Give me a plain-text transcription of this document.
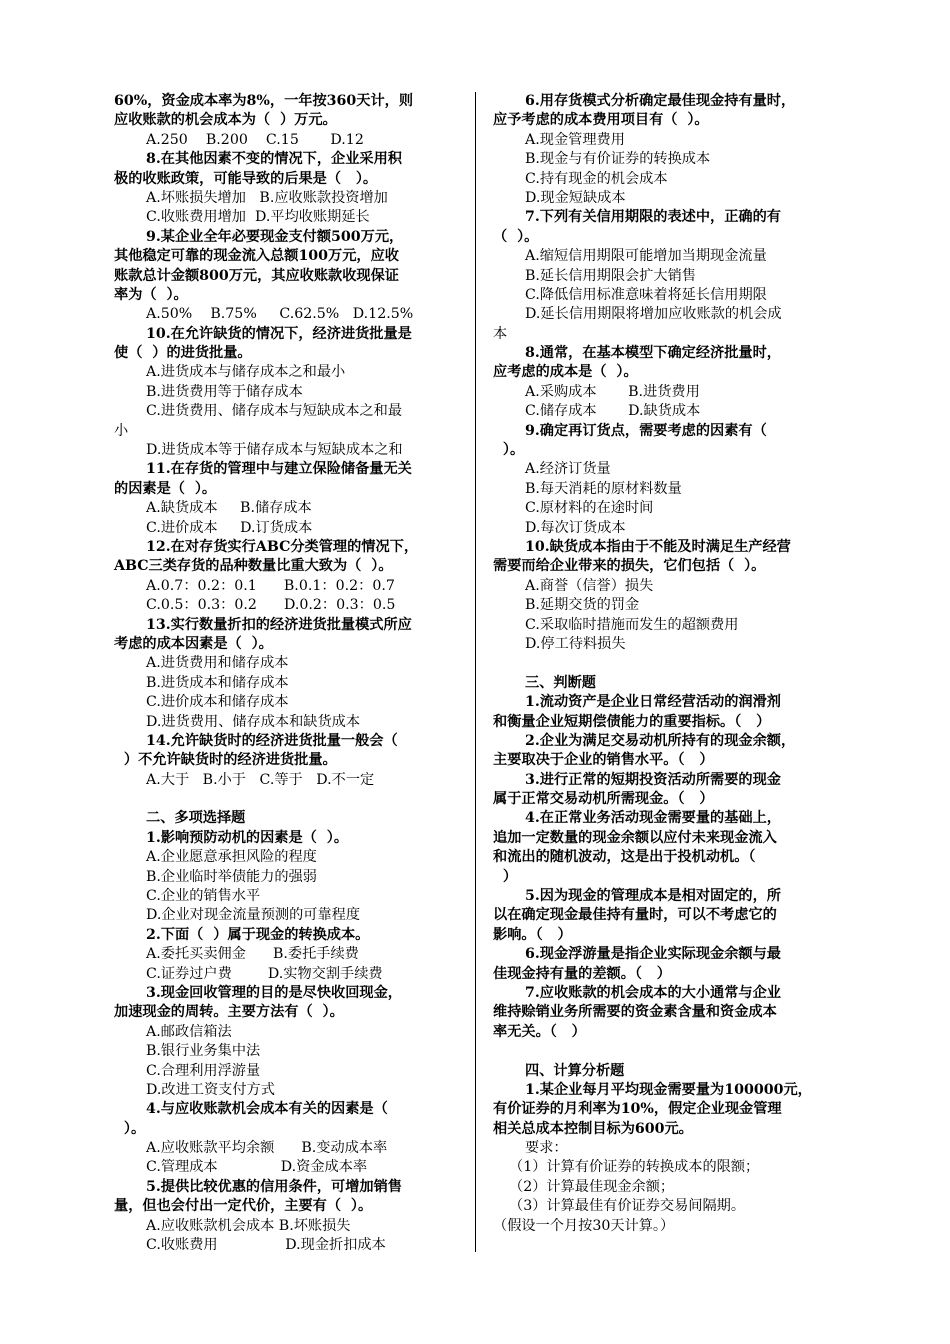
60%，资金成本率为8%，一年按360天计，则
应收账款的机会成本为（  ）万元。
A.250    B.200    C.15       D.12
8.在其他因素不变的情况下，企业采用积
极的收账政策，可能导致的后果是（   ）。
A.坏账损失增加   B.应收账款投资增加
C.收账费用增加  D.平均收账期延长
9.某企业全年必要现金支付额500万元，
其他稳定可靠的现金流入总额100万元，应收
账款总计金额800万元，其应收账款收现保证
率为（  ）。
A.50%    B.75%     C.62.5%   D.12.5%
10.在允许缺货的情况下，经济进货批量是
使（  ）的进货批量。
A.进货成本与储存成本之和最小
B.进货费用等于储存成本
C.进货费用、储存成本与短缺成本之和最
小
D.进货成本等于储存成本与短缺成本之和
11.在存货的管理中与建立保险储备量无关
的因素是（  ）。
A.缺货成本     B.储存成本
C.进价成本     D.订货成本
12.在对存货实行ABC分类管理的情况下，
ABC三类存货的品种数量比重大致为（  ）。
A.0.7：0.2：0.1      B.0.1：0.2：0.7
C.0.5：0.3：0.2      D.0.2：0.3：0.5
13.实行数量折扣的经济进货批量模式所应
考虑的成本因素是（  ）。
A.进货费用和储存成本
B.进货成本和储存成本
C.进价成本和储存成本
D.进货费用、储存成本和缺货成本
14.允许缺货时的经济进货批量一般会（
）不允许缺货时的经济进货批量。
A.大于   B.小于   C.等于   D.不一定
二、多项选择题
1.影响预防动机的因素是（  ）。
A.企业愿意承担风险的程度
B.企业临时举债能力的强弱
C.企业的销售水平
D.企业对现金流量预测的可靠程度
2.下面（  ）属于现金的转换成本。
A.委托买卖佣金      B.委托手续费
C.证券过户费        D.实物交割手续费
3.现金回收管理的目的是尽快收回现金，
加速现金的周转。主要方法有（  ）。
A.邮政信箱法
B.银行业务集中法
C.合理利用浮游量
D.改进工资支付方式
4.与应收账款机会成本有关的因素是（
）。
A.应收账款平均余额      B.变动成本率
C.管理成本              D.资金成本率
5.提供比较优惠的信用条件，可增加销售
量，但也会付出一定代价，主要有（  ）。
A.应收账款机会成本 B.坏账损失
C.收账费用               D.现金折扣成本
6.用存货模式分析确定最佳现金持有量时，
应予考虑的成本费用项目有（  ）。
A.现金管理费用
B.现金与有价证券的转换成本
C.持有现金的机会成本
D.现金短缺成本
7.下列有关信用期限的表述中，正确的有
（  ）。
A.缩短信用期限可能增加当期现金流量
B.延长信用期限会扩大销售
C.降低信用标准意味着将延长信用期限
D.延长信用期限将增加应收账款的机会成
本
8.通常，在基本模型下确定经济批量时，
应考虑的成本是（  ）。
A.采购成本       B.进货费用
C.储存成本       D.缺货成本
9.确定再订货点，需要考虑的因素有（
）。
A.经济订货量
B.每天消耗的原材料数量
C.原材料的在途时间
D.每次订货成本
10.缺货成本指由于不能及时满足生产经营
需要而给企业带来的损失，它们包括（  ）。
A.商誉（信誉）损失
B.延期交货的罚金
C.采取临时措施而发生的超额费用
D.停工待料损失
三、判断题
1.流动资产是企业日常经营活动的润滑剂
和衡量企业短期偿债能力的重要指标。（   ）
2.企业为满足交易动机所持有的现金余额，
主要取决于企业的销售水平。（   ）
3.进行正常的短期投资活动所需要的现金
属于正常交易动机所需现金。（   ）
4.在正常业务活动现金需要量的基础上，
追加一定数量的现金余额以应付未来现金流入
和流出的随机波动，这是出于投机动机。（
）
5.因为现金的管理成本是相对固定的，所
以在确定现金最佳持有量时，可以不考虑它的
影响。（   ）
6.现金浮游量是指企业实际现金余额与最
佳现金持有量的差额。（   ）
7.应收账款的机会成本的大小通常与企业
维持赊销业务所需要的资金素含量和资金成本
率无关。（   ）
四、计算分析题
1.某企业每月平均现金需要量为100000元，
有价证券的月利率为10%，假定企业现金管理
相关总成本控制目标为600元。
要求：
（1）计算有价证券的转换成本的限额；
（2）计算最佳现金余额；
（3）计算最佳有价证券交易间隔期。
（假设一个月按30天计算。）
